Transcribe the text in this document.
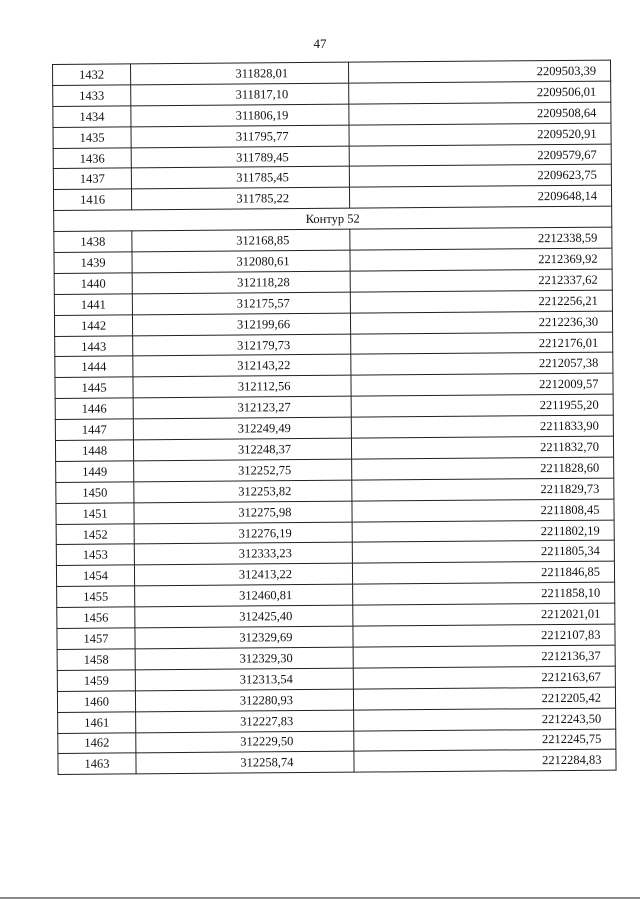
47
1432	311828,01	2209503,39
1433	311817,10	2209506,01
1434	311806,19	2209508,64
1435	311795,77	2209520,91
1436	311789,45	2209579,67
1437	311785,45	2209623,75
1416	311785,22	2209648,14
Контур 52		
1438	312168,85	2212338,59
1439	312080,61	2212369,92
1440	312118,28	2212337,62
1441	312175,57	2212256,21
1442	312199,66	2212236,30
1443	312179,73	2212176,01
1444	312143,22	2212057,38
1445	312112,56	2212009,57
1446	312123,27	2211955,20
1447	312249,49	2211833,90
1448	312248,37	2211832,70
1449	312252,75	2211828,60
1450	312253,82	2211829,73
1451	312275,98	2211808,45
1452	312276,19	2211802,19
1453	312333,23	2211805,34
1454	312413,22	2211846,85
1455	312460,81	2211858,10
1456	312425,40	2212021,01
1457	312329,69	2212107,83
1458	312329,30	2212136,37
1459	312313,54	2212163,67
1460	312280,93	2212205,42
1461	312227,83	2212243,50
1462	312229,50	2212245,75
1463	312258,74	2212284,83
